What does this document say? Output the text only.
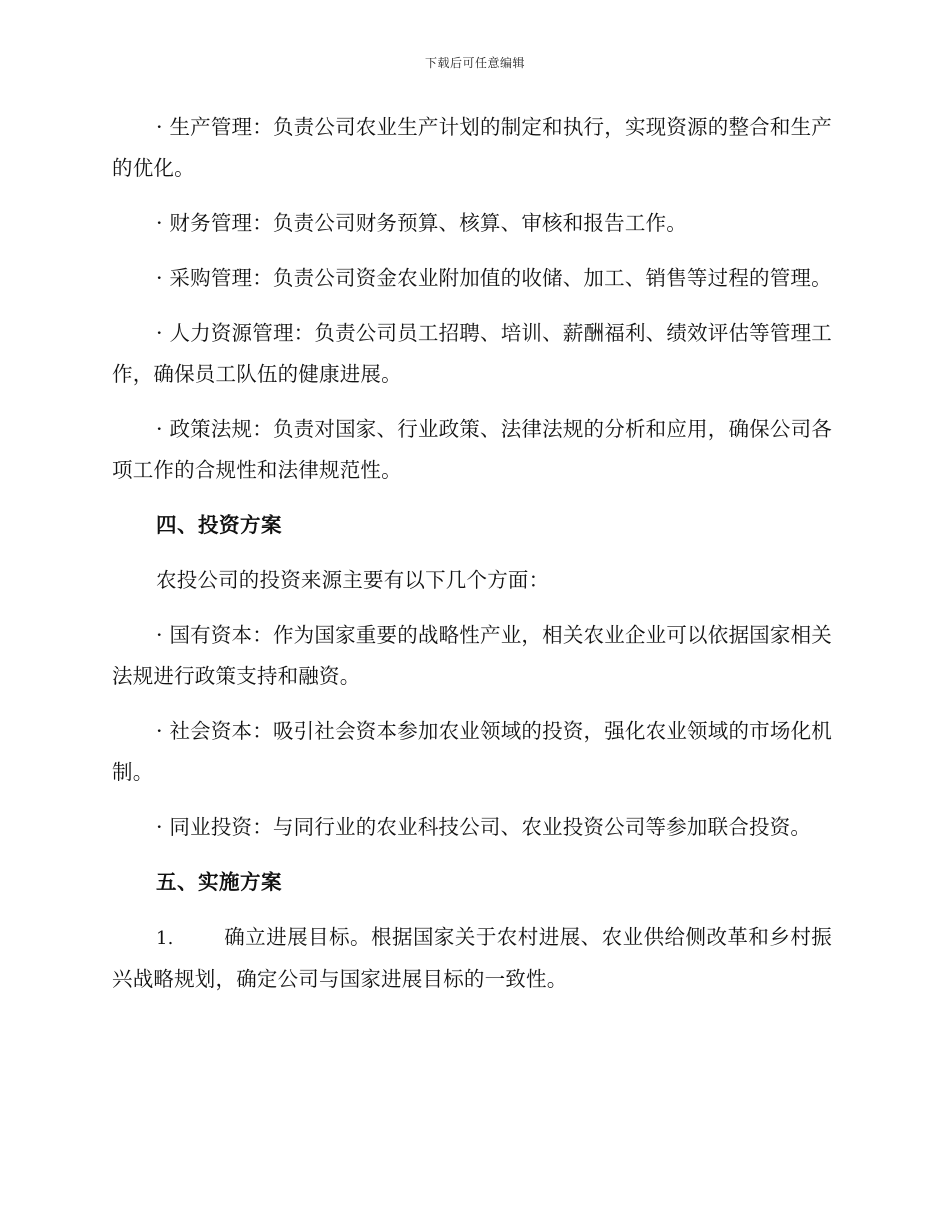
下载后可任意编辑

· 生产管理：负责公司农业生产计划的制定和执行，实现资源的整合和生产的优化。

· 财务管理：负责公司财务预算、核算、审核和报告工作。

· 采购管理：负责公司资金农业附加值的收储、加工、销售等过程的管理。

· 人力资源管理：负责公司员工招聘、培训、薪酬福利、绩效评估等管理工作，确保员工队伍的健康进展。

· 政策法规：负责对国家、行业政策、法律法规的分析和应用，确保公司各项工作的合规性和法律规范性。

四、投资方案

农投公司的投资来源主要有以下几个方面：

· 国有资本：作为国家重要的战略性产业，相关农业企业可以依据国家相关法规进行政策支持和融资。

· 社会资本：吸引社会资本参加农业领域的投资，强化农业领域的市场化机制。

· 同业投资：与同行业的农业科技公司、农业投资公司等参加联合投资。

五、实施方案

1. 确立进展目标。根据国家关于农村进展、农业供给侧改革和乡村振兴战略规划，确定公司与国家进展目标的一致性。
